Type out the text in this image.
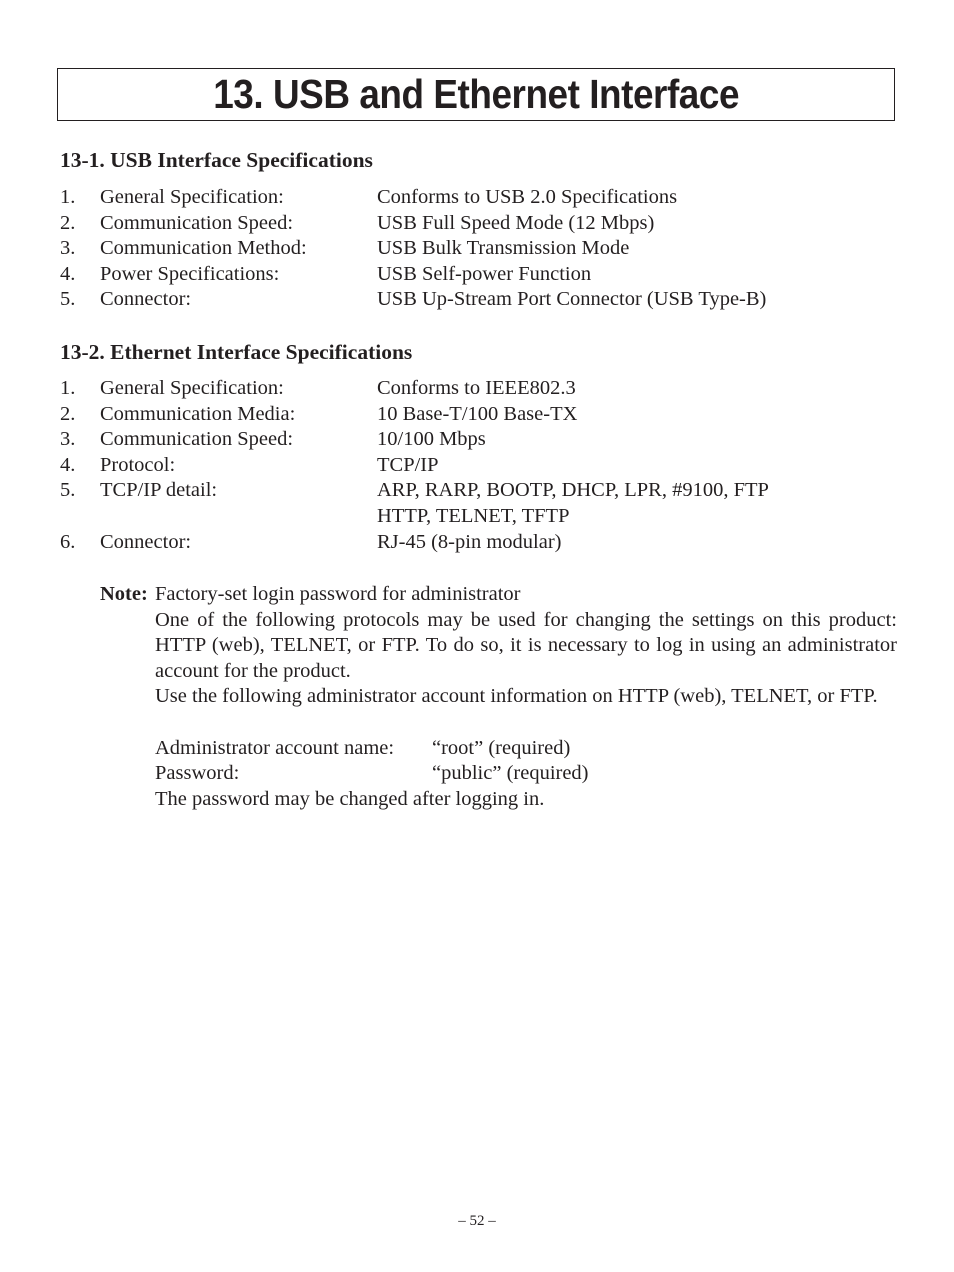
13. USB and Ethernet Interface
13-1. USB Interface Specifications
1. General Specification:	Conforms to USB 2.0 Specifications
2. Communication Speed:	USB Full Speed Mode (12 Mbps)
3. Communication Method:	USB Bulk Transmission Mode
4. Power Specifications:	USB Self-power Function
5. Connector:	USB Up-Stream Port Connector (USB Type-B)
13-2. Ethernet Interface Specifications
1. General Specification:	Conforms to IEEE802.3
2. Communication Media:	10 Base-T/100 Base-TX
3. Communication Speed:	10/100 Mbps
4. Protocol:	TCP/IP
5. TCP/IP detail:	ARP, RARP, BOOTP, DHCP, LPR, #9100, FTP
HTTP, TELNET, TFTP
6. Connector:	RJ-45 (8-pin modular)
Note: Factory-set login password for administrator

One of the following protocols may be used for changing the settings on this product: HTTP (web), TELNET, or FTP. To do so, it is necessary to log in using an administrator account for the product.

Use the following administrator account information on HTTP (web), TELNET, or FTP.

Administrator account name: “root” (required)
Password:	“public” (required)

The password may be changed after logging in.

– 52 –
